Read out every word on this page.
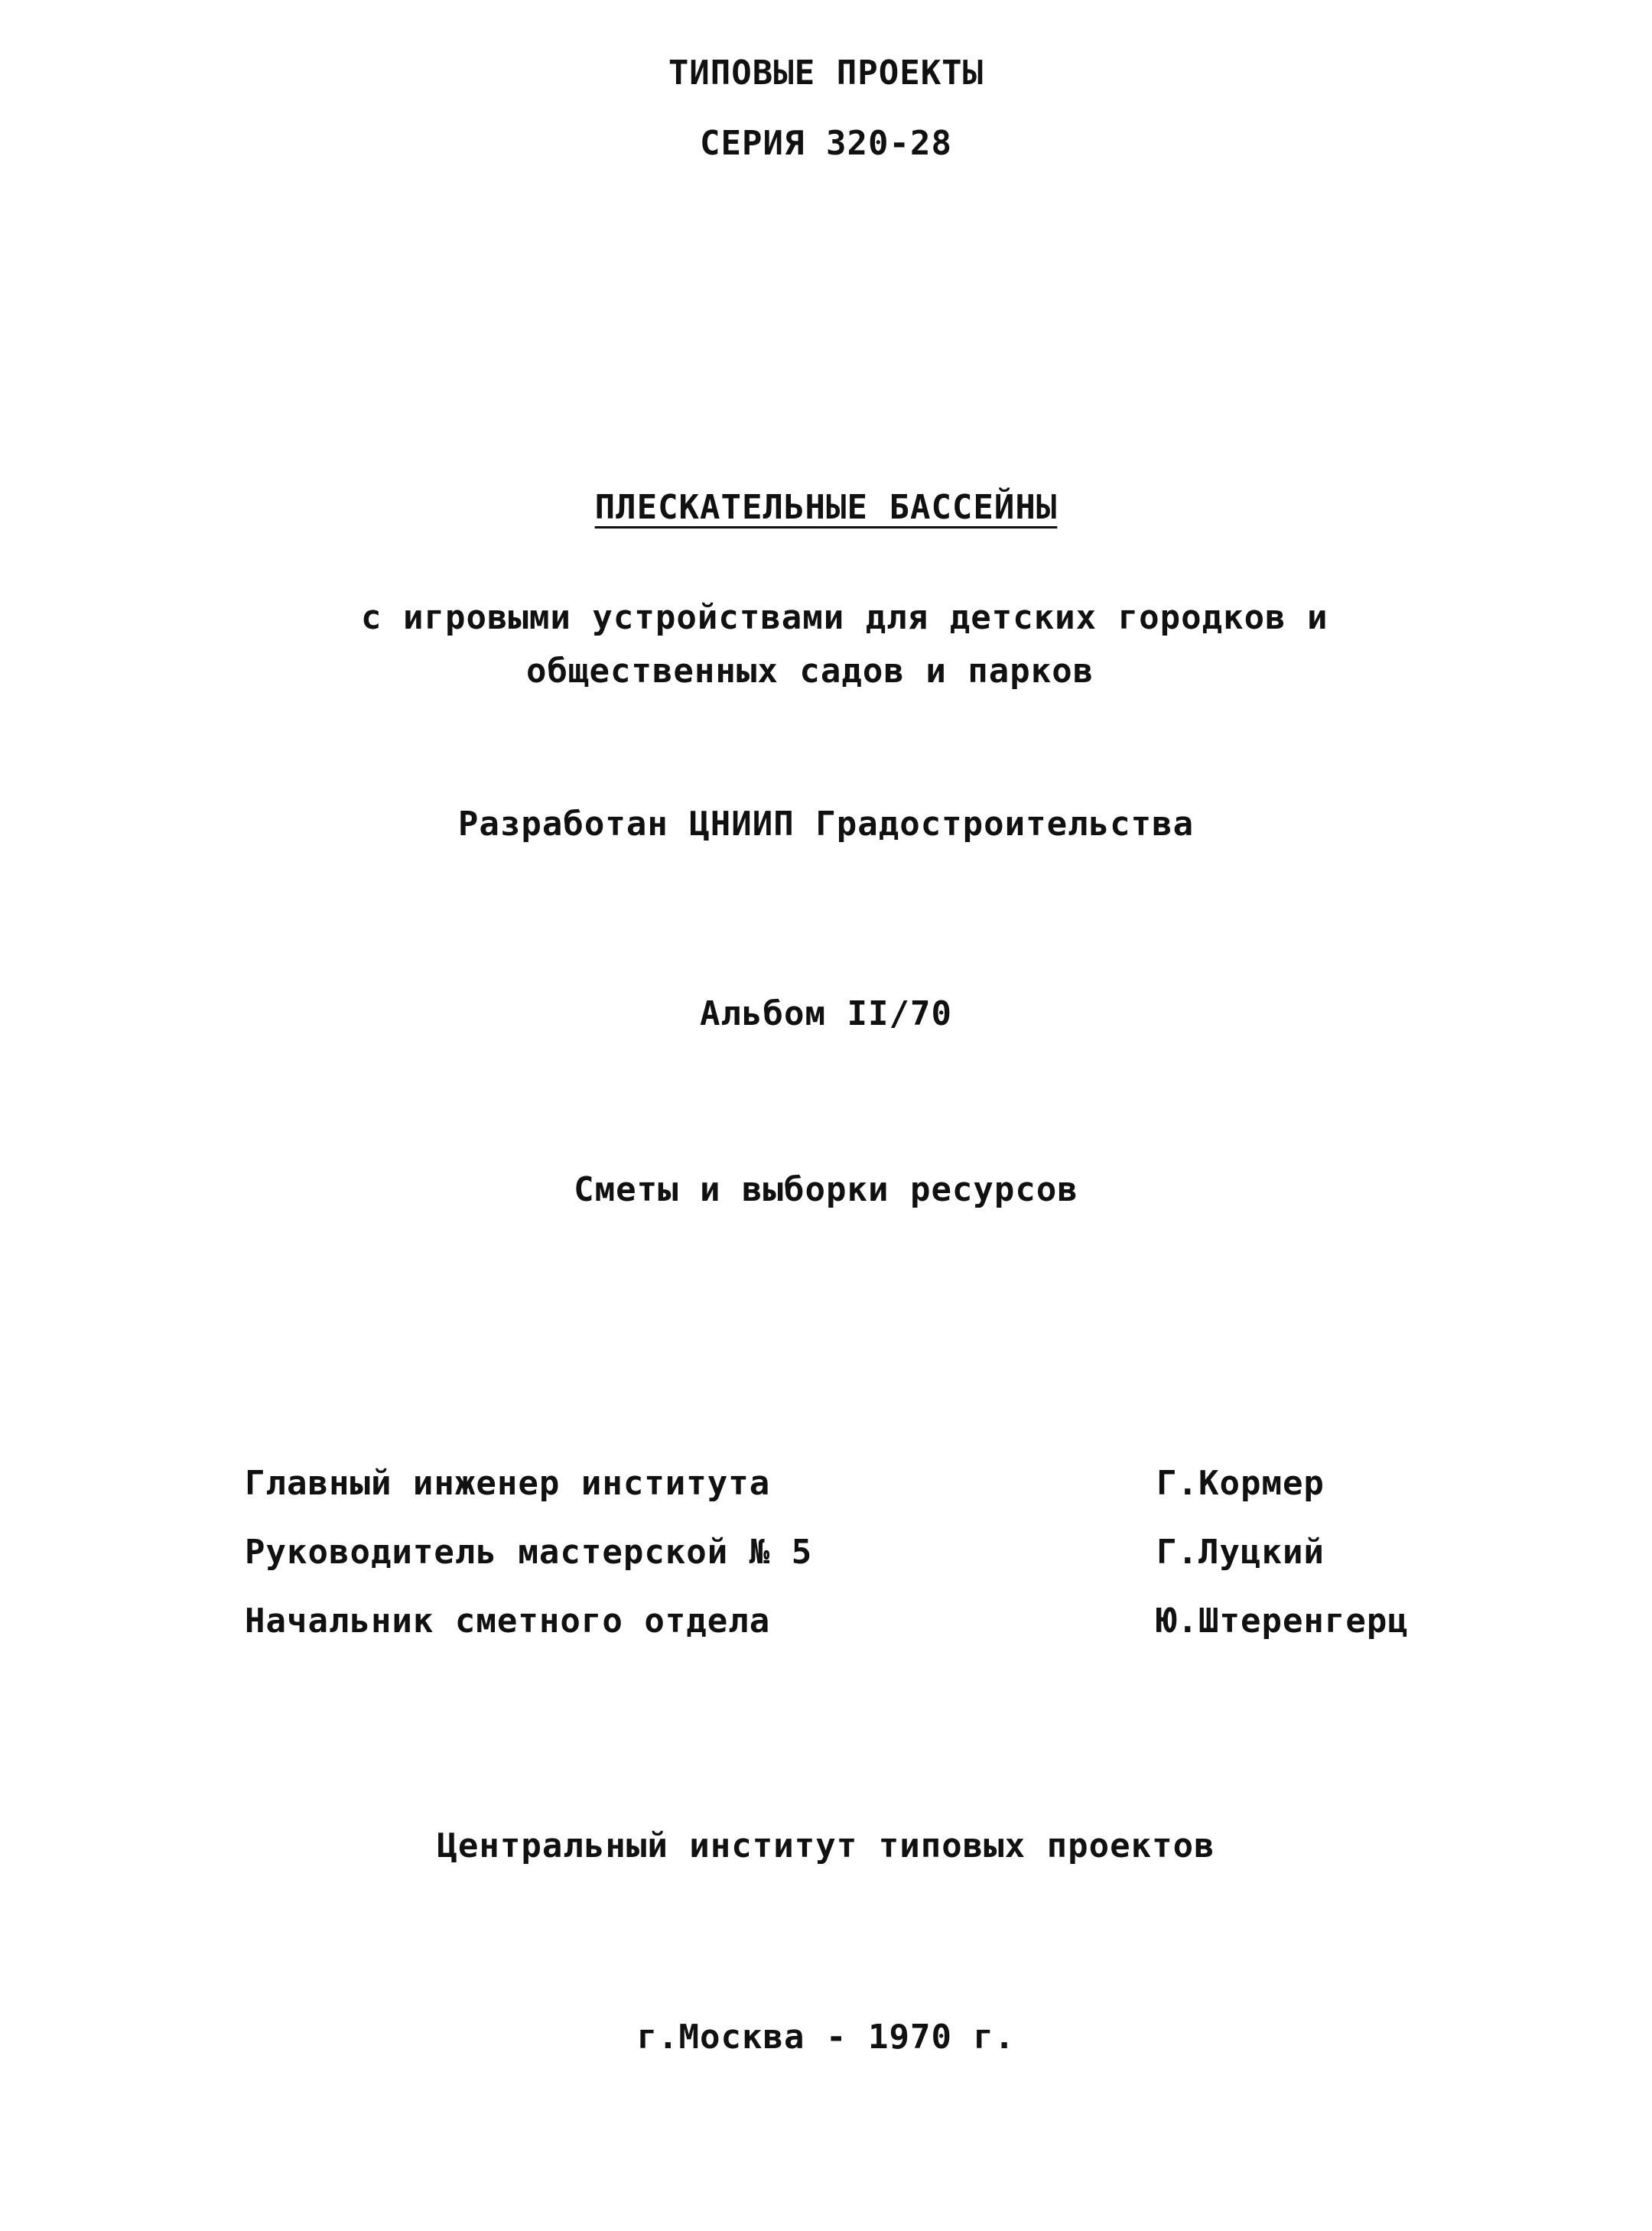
ТИПОВЫЕ ПРОЕКТЫ
СЕРИЯ 320-28
ПЛЕСКАТЕЛЬНЫЕ БАССЕЙНЫ
с игровыми устройствами для детских городков и
общественных садов и парков
Разработан ЦНИИП Градостроительства
Альбом II/70
Сметы и выборки ресурсов
Главный инженер института	Г.Кормер
Руководитель мастерской № 5	Г.Луцкий
Начальник сметного отдела	Ю.Штеренгерц
Центральный институт типовых проектов
г.Москва - 1970 г.
